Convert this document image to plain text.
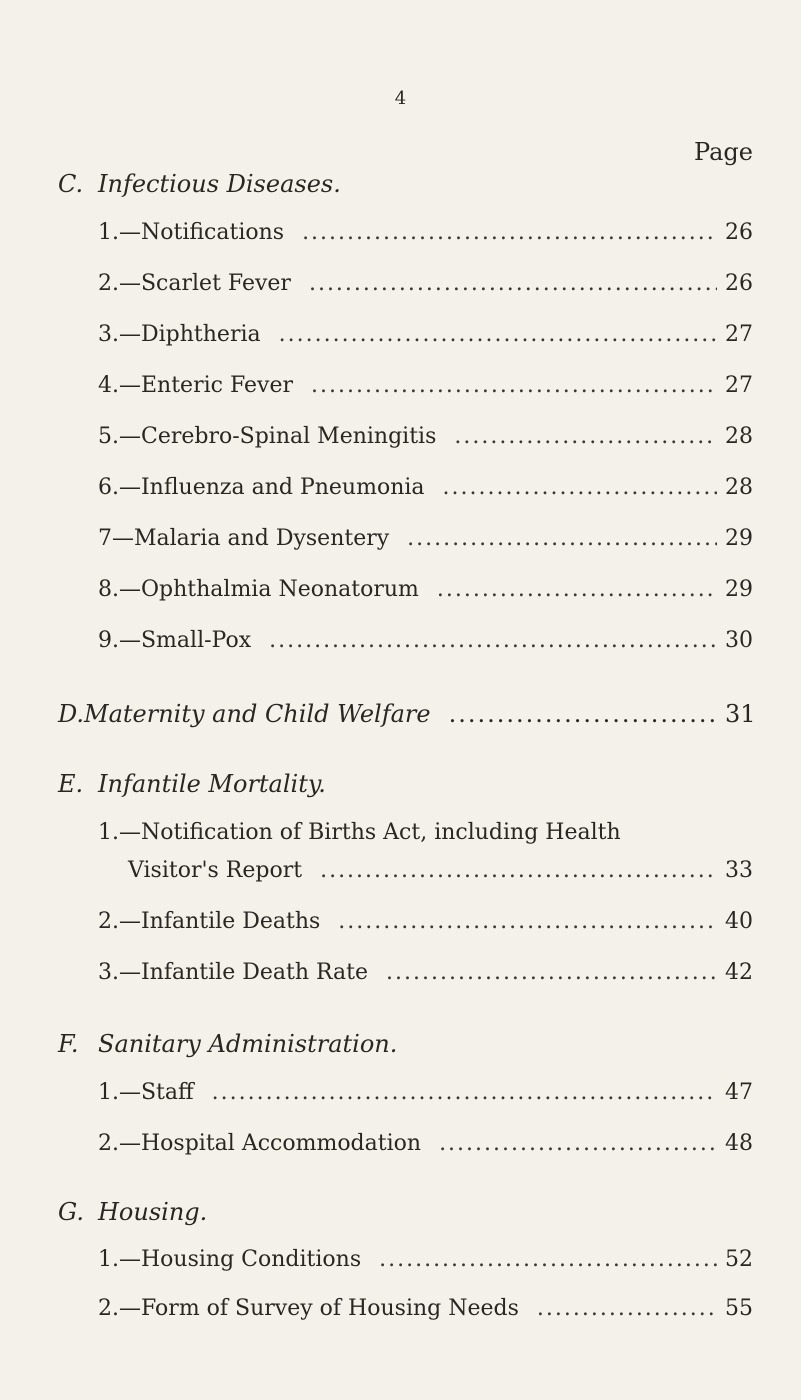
4
Page
C. Infectious Diseases.
1.—Notifications .....	26
2.—Scarlet Fever .....	26
3.—Diphtheria .....	27
4.—Enteric Fever .....	27
5.—Cerebro-Spinal Meningitis .....	28
6.—Influenza and Pneumonia .....	28
7—Malaria and Dysentery .....	29
8.—Ophthalmia Neonatorum .....	29
9.—Small-Pox .....	30
D. Maternity and Child Welfare .....	31
E. Infantile Mortality.
1.—Notification of Births Act, including Health
Visitor's Report .....	33
2.—Infantile Deaths .....	40
3.—Infantile Death Rate .....	42
F. Sanitary Administration.
1.—Staff .....	47
2.—Hospital Accommodation .....	48
G. Housing.
1.—Housing Conditions .....	52
2.—Form of Survey of Housing Needs .....	55
